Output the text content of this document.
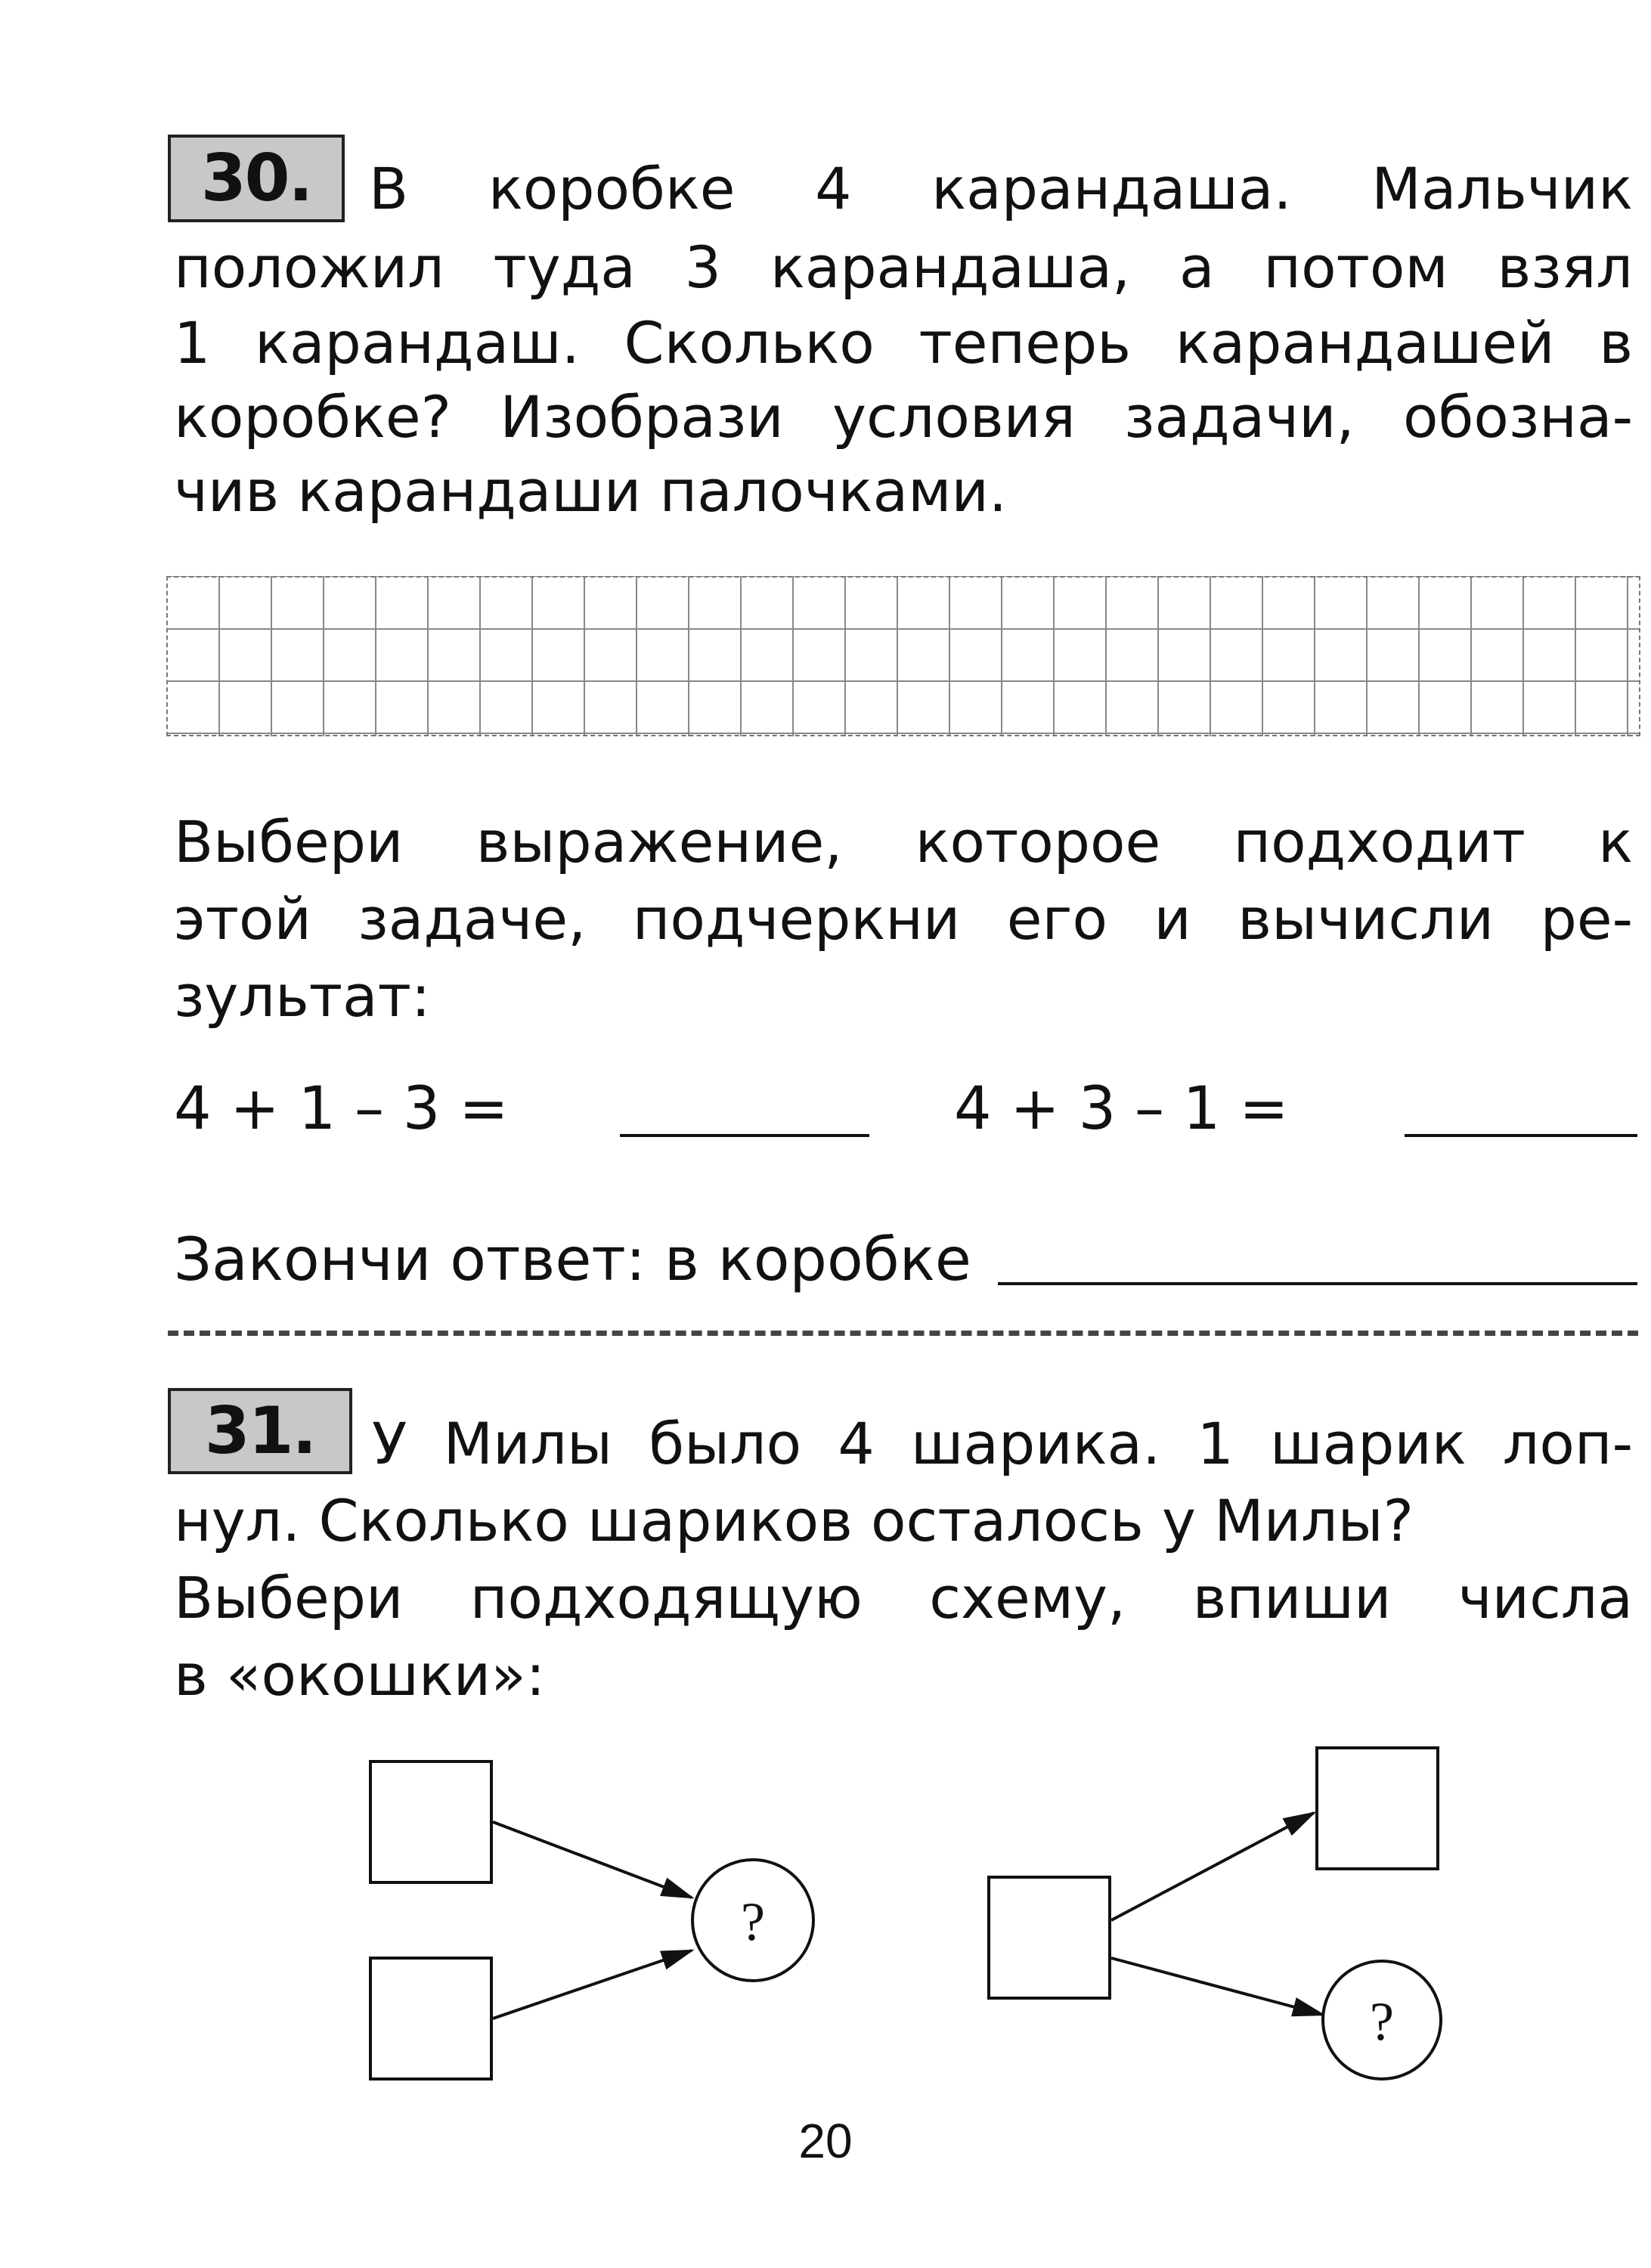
30. В коробке 4 карандаша. Мальчик
положил туда 3 карандаша, а потом взял
1 карандаш. Сколько теперь карандашей в
коробке? Изобрази условия задачи, обозна-
чив карандаши палочками.
Выбери выражение, которое подходит к
этой задаче, подчеркни его и вычисли ре-
зультат:
4 + 1 – 3 =	4 + 3 – 1 =
Закончи ответ: в коробке
31. У Милы было 4 шарика. 1 шарик лоп-
нул. Сколько шариков осталось у Милы?
Выбери подходящую схему, впиши числа
в «окошки»:
?
?
20
